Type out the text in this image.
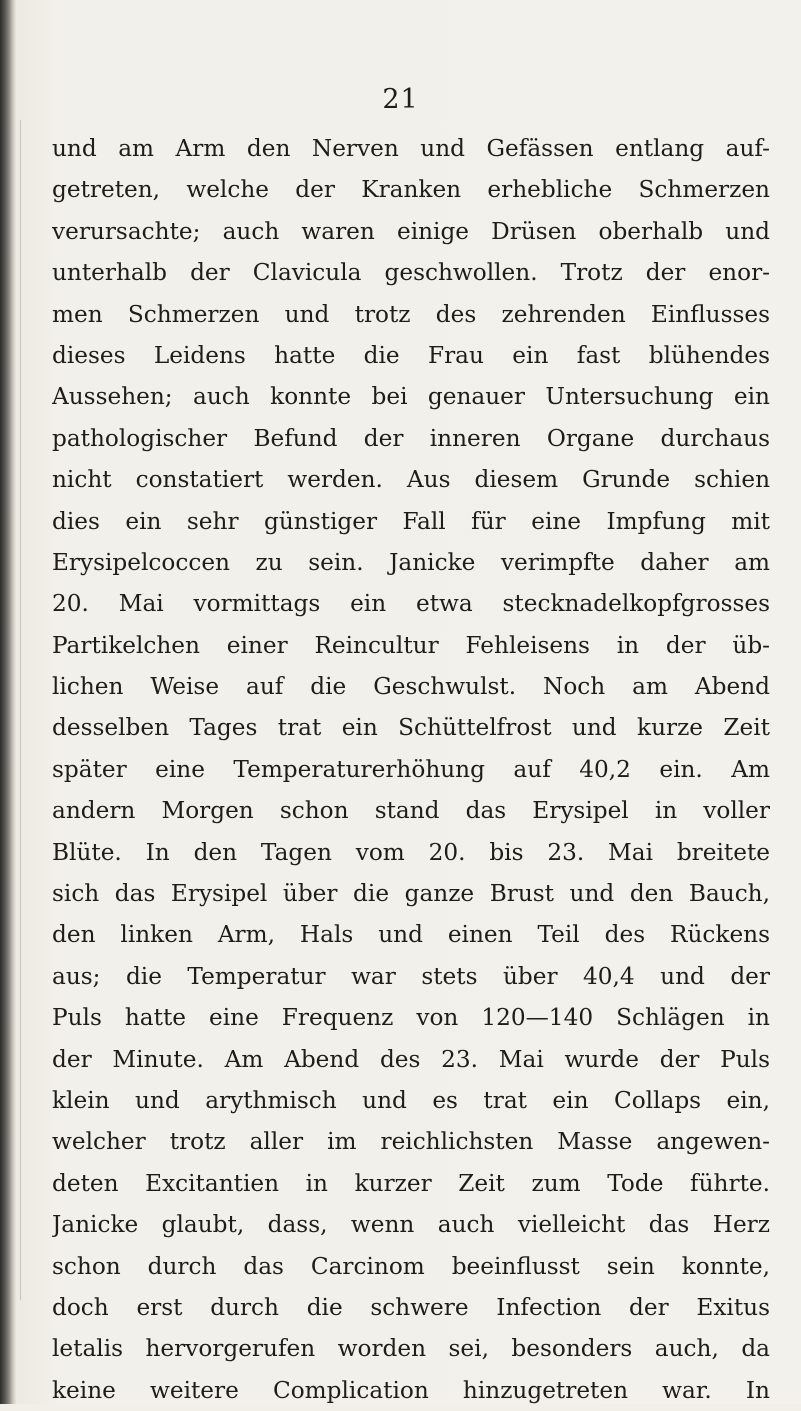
21
und am Arm den Nerven und Gefässen entlang auf-
getreten, welche der Kranken erhebliche Schmerzen
verursachte; auch waren einige Drüsen oberhalb und
unterhalb der Clavicula geschwollen. Trotz der enor-
men Schmerzen und trotz des zehrenden Einflusses
dieses Leidens hatte die Frau ein fast blühendes
Aussehen; auch konnte bei genauer Untersuchung ein
pathologischer Befund der inneren Organe durchaus
nicht constatiert werden. Aus diesem Grunde schien
dies ein sehr günstiger Fall für eine Impfung mit
Erysipelcoccen zu sein. Janicke verimpfte daher am
20. Mai vormittags ein etwa stecknadelkopfgrosses
Partikelchen einer Reincultur Fehleisens in der üb-
lichen Weise auf die Geschwulst. Noch am Abend
desselben Tages trat ein Schüttelfrost und kurze Zeit
später eine Temperaturerhöhung auf 40,2 ein. Am
andern Morgen schon stand das Erysipel in voller
Blüte. In den Tagen vom 20. bis 23. Mai breitete
sich das Erysipel über die ganze Brust und den Bauch,
den linken Arm, Hals und einen Teil des Rückens
aus; die Temperatur war stets über 40,4 und der
Puls hatte eine Frequenz von 120—140 Schlägen in
der Minute. Am Abend des 23. Mai wurde der Puls
klein und arythmisch und es trat ein Collaps ein,
welcher trotz aller im reichlichsten Masse angewen-
deten Excitantien in kurzer Zeit zum Tode führte.
Janicke glaubt, dass, wenn auch vielleicht das Herz
schon durch das Carcinom beeinflusst sein konnte,
doch erst durch die schwere Infection der Exitus
letalis hervorgerufen worden sei, besonders auch, da
keine weitere Complication hinzugetreten war. In
